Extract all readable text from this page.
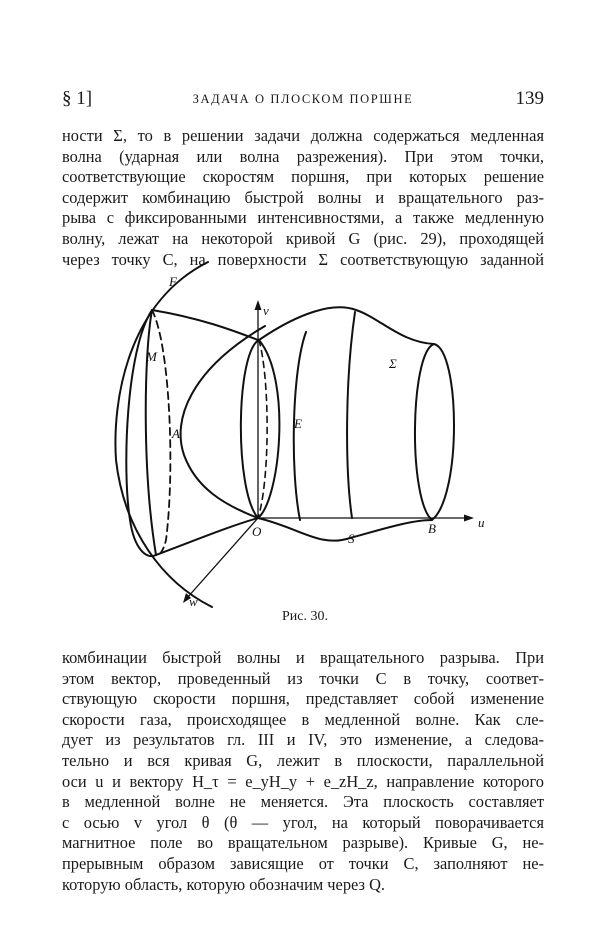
§ 1]	ЗАДАЧА О ПЛОСКОМ ПОРШНЕ	139
ности Σ, то в решении задачи должна содержаться медленная
волна (ударная или волна разрежения). При этом точки,
соответствующие скоростям поршня, при которых решение
содержит комбинацию быстрой волны и вращательного раз-
рыва с фиксированными интенсивностями, а также медленную
волну, лежат на некоторой кривой G (рис. 29), проходящей
через точку C, на поверхности Σ соответствующую заданной
F
M
A
E
Σ
S
O	B	u
v
w
Рис. 30.
комбинации быстрой волны и вращательного разрыва. При
этом вектор, проведенный из точки C в точку, соответ-
ствующую скорости поршня, представляет собой изменение
скорости газа, происходящее в медленной волне. Как сле-
дует из результатов гл. III и IV, это изменение, а следова-
тельно и вся кривая G, лежит в плоскости, параллельной
оси u и вектору H_τ = e_yH_y + e_zH_z, направление которого
в медленной волне не меняется. Эта плоскость составляет
с осью v угол θ (θ — угол, на который поворачивается
магнитное поле во вращательном разрыве). Кривые G, не-
прерывным образом зависящие от точки C, заполняют не-
которую область, которую обозначим через Q.
